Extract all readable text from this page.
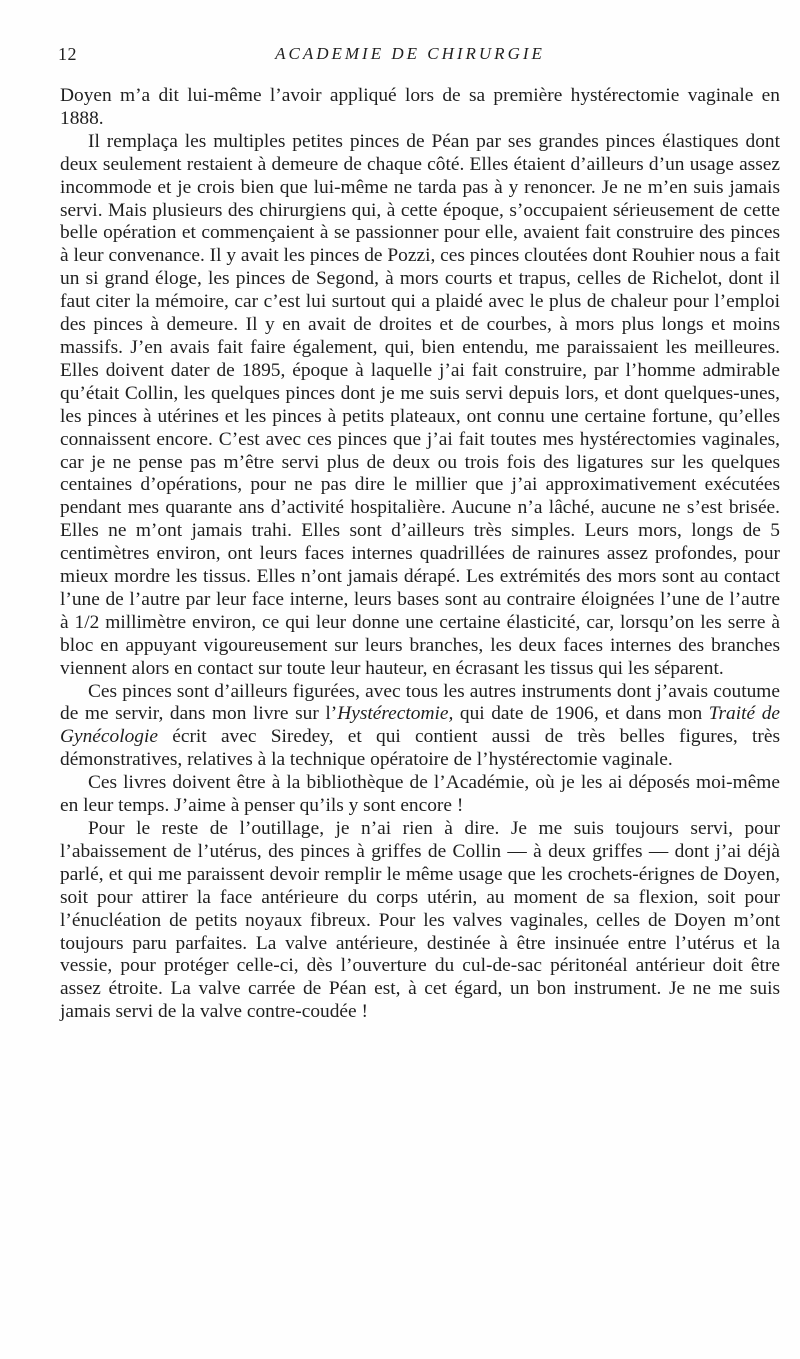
12	ACADEMIE DE CHIRURGIE

Doyen m’a dit lui-même l’avoir appliqué lors de sa première hystérectomie vaginale en 1888.

Il remplaça les multiples petites pinces de Péan par ses grandes pinces élastiques dont deux seulement restaient à demeure de chaque côté. Elles étaient d’ailleurs d’un usage assez incommode et je crois bien que lui-même ne tarda pas à y renoncer. Je ne m’en suis jamais servi. Mais plusieurs des chirurgiens qui, à cette époque, s’occupaient sérieusement de cette belle opération et commençaient à se passionner pour elle, avaient fait construire des pinces à leur convenance. Il y avait les pinces de Pozzi, ces pinces cloutées dont Rouhier nous a fait un si grand éloge, les pinces de Segond, à mors courts et trapus, celles de Richelot, dont il faut citer la mémoire, car c’est lui surtout qui a plaidé avec le plus de chaleur pour l’emploi des pinces à demeure. Il y en avait de droites et de courbes, à mors plus longs et moins massifs. J’en avais fait faire également, qui, bien entendu, me paraissaient les meilleures. Elles doivent dater de 1895, époque à laquelle j’ai fait construire, par l’homme admirable qu’était Collin, les quelques pinces dont je me suis servi depuis lors, et dont quelques-unes, les pinces à utérines et les pinces à petits plateaux, ont connu une certaine fortune, qu’elles connaissent encore. C’est avec ces pinces que j’ai fait toutes mes hystérectomies vaginales, car je ne pense pas m’être servi plus de deux ou trois fois des ligatures sur les quelques centaines d’opérations, pour ne pas dire le millier que j’ai approximativement exécutées pendant mes quarante ans d’activité hospitalière. Aucune n’a lâché, aucune ne s’est brisée. Elles ne m’ont jamais trahi. Elles sont d’ailleurs très simples. Leurs mors, longs de 5 centimètres environ, ont leurs faces internes quadrillées de rainures assez profondes, pour mieux mordre les tissus. Elles n’ont jamais dérapé. Les extrémités des mors sont au contact l’une de l’autre par leur face interne, leurs bases sont au contraire éloignées l’une de l’autre à 1/2 millimètre environ, ce qui leur donne une certaine élasticité, car, lorsqu’on les serre à bloc en appuyant vigoureusement sur leurs branches, les deux faces internes des branches viennent alors en contact sur toute leur hauteur, en écrasant les tissus qui les séparent.

Ces pinces sont d’ailleurs figurées, avec tous les autres instruments dont j’avais coutume de me servir, dans mon livre sur l’Hystérectomie, qui date de 1906, et dans mon Traité de Gynécologie écrit avec Siredey, et qui contient aussi de très belles figures, très démonstratives, relatives à la technique opératoire de l’hystérectomie vaginale.

Ces livres doivent être à la bibliothèque de l’Académie, où je les ai déposés moi-même en leur temps. J’aime à penser qu’ils y sont encore !

Pour le reste de l’outillage, je n’ai rien à dire. Je me suis toujours servi, pour l’abaissement de l’utérus, des pinces à griffes de Collin — à deux griffes — dont j’ai déjà parlé, et qui me paraissent devoir remplir le même usage que les crochets-érignes de Doyen, soit pour attirer la face antérieure du corps utérin, au moment de sa flexion, soit pour l’énucléation de petits noyaux fibreux. Pour les valves vaginales, celles de Doyen m’ont toujours paru parfaites. La valve antérieure, destinée à être insinuée entre l’utérus et la vessie, pour protéger celle-ci, dès l’ouverture du cul-de-sac péritonéal antérieur doit être assez étroite. La valve carrée de Péan est, à cet égard, un bon instrument. Je ne me suis jamais servi de la valve contre-coudée !
